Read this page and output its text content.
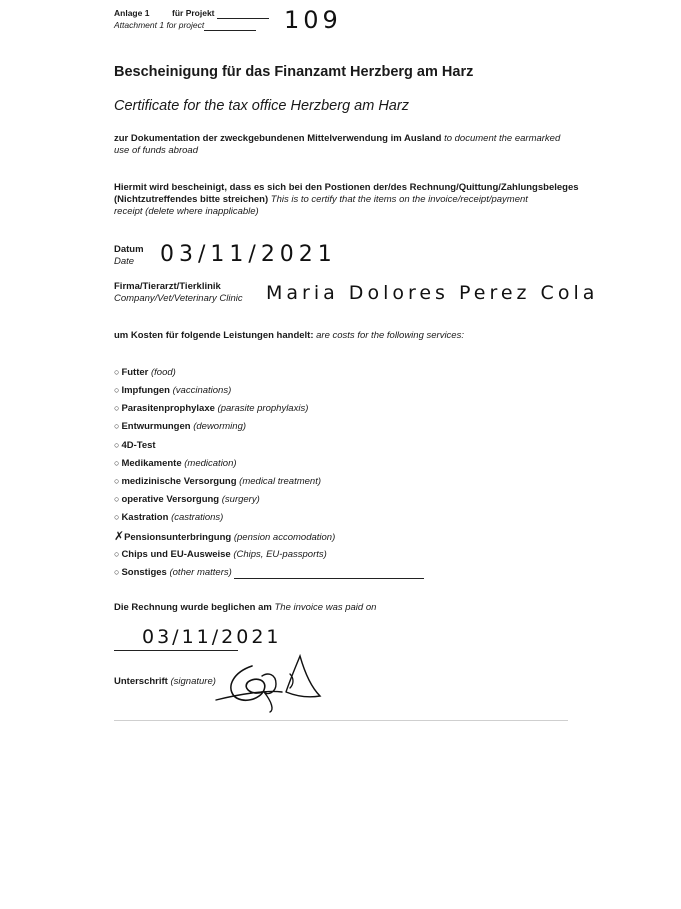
Anlage 1	für Projekt
Attachment 1 for project	109
Bescheinigung für das Finanzamt Herzberg am Harz
Certificate for the tax office Herzberg am Harz
zur Dokumentation der zweckgebundenen Mittelverwendung im Ausland to document the earmarked
use of funds abroad
Hiermit wird bescheinigt, dass es sich bei den Postionen der/des Rechnung/Quittung/Zahlungsbeleges
(Nichtzutreffendes bitte streichen) This is to certify that the items on the invoice/receipt/payment
receipt (delete where inapplicable)
Datum
Date	03/11/2021
Firma/Tierarzt/Tierklinik
Company/Vet/Veterinary Clinic Maria Dolores Perez Cola
um Kosten für folgende Leistungen handelt: are costs for the following services:
○ Futter (food)
○ Impfungen (vaccinations)
○ Parasitenprophylaxe (parasite prophylaxis)
○ Entwurmungen (deworming)
○ 4D-Test
○ Medikamente (medication)
○ medizinische Versorgung (medical treatment)
○ operative Versorgung (surgery)
○ Kastration (castrations)
✗Pensionsunterbringung (pension accomodation)
○ Chips und EU-Ausweise (Chips, EU-passports)
○ Sonstiges (other matters)
Die Rechnung wurde beglichen am The invoice was paid on
03/11/2021
Unterschrift (signature)
